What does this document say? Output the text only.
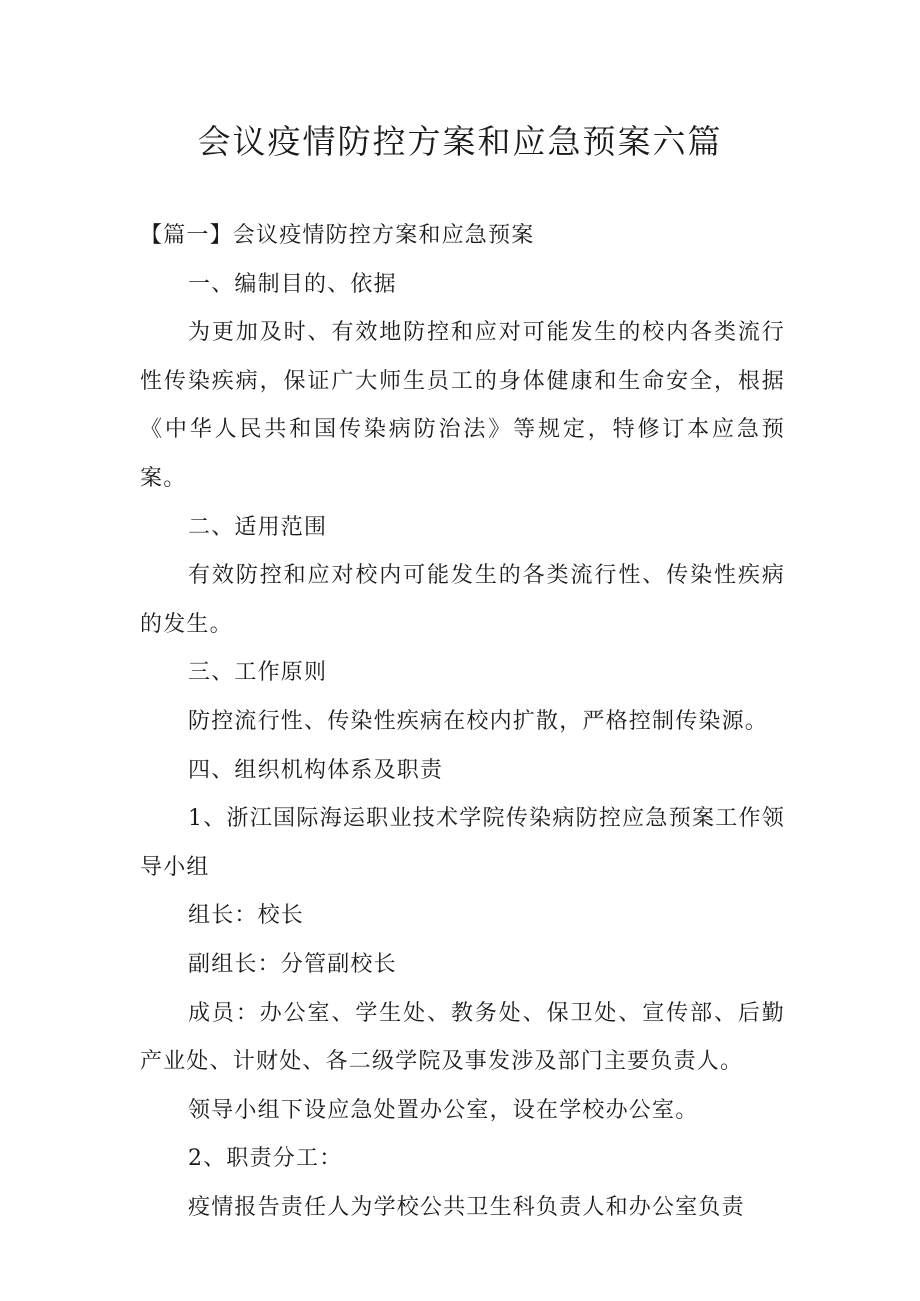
会议疫情防控方案和应急预案六篇

【篇一】会议疫情防控方案和应急预案

一、编制目的、依据

为更加及时、有效地防控和应对可能发生的校内各类流行性传染疾病，保证广大师生员工的身体健康和生命安全，根据《中华人民共和国传染病防治法》等规定，特修订本应急预案。

二、适用范围

有效防控和应对校内可能发生的各类流行性、传染性疾病的发生。

三、工作原则

防控流行性、传染性疾病在校内扩散，严格控制传染源。

四、组织机构体系及职责

1、浙江国际海运职业技术学院传染病防控应急预案工作领导小组

组长：校长

副组长：分管副校长

成员：办公室、学生处、教务处、保卫处、宣传部、后勤产业处、计财处、各二级学院及事发涉及部门主要负责人。

领导小组下设应急处置办公室，设在学校办公室。

2、职责分工：

疫情报告责任人为学校公共卫生科负责人和办公室负责
